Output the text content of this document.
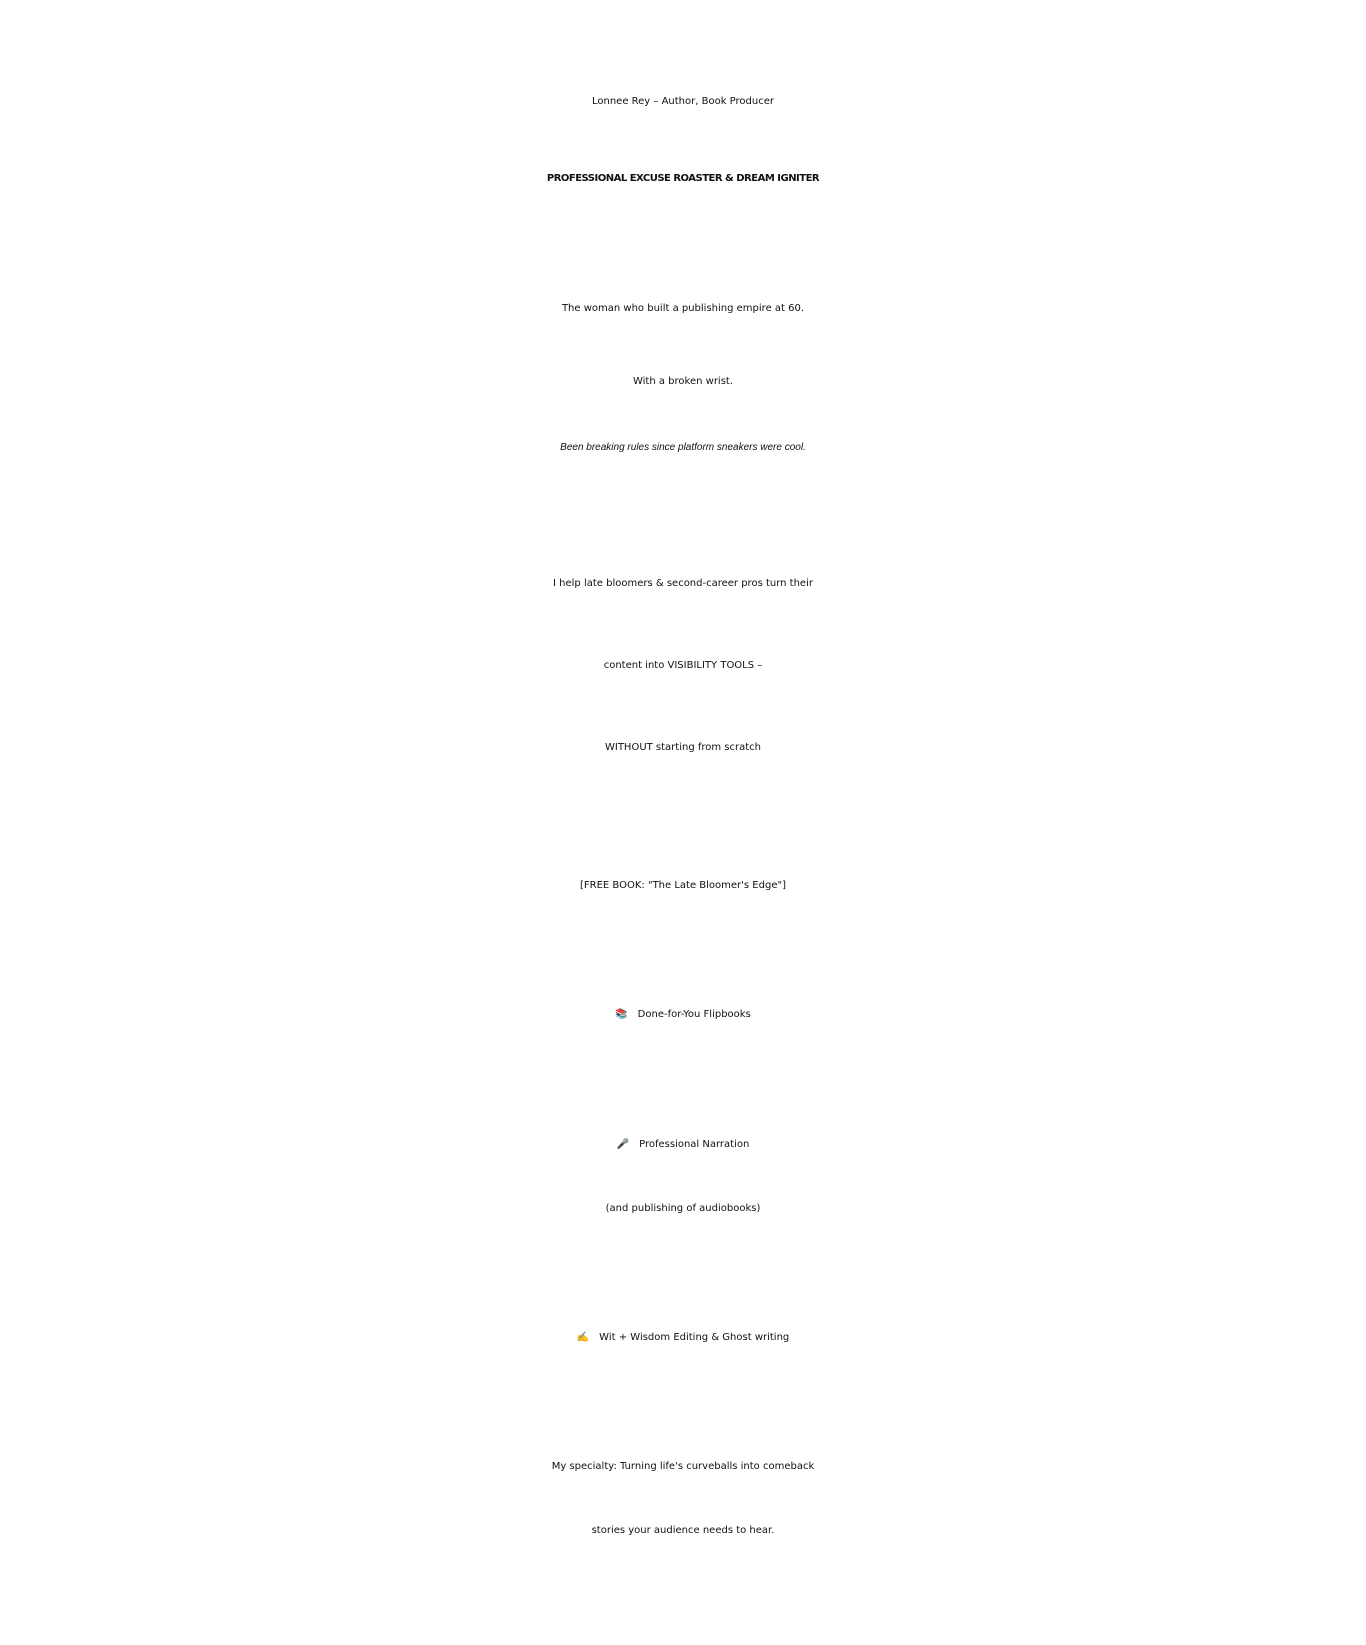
Lonnee Rey – Author, Book Producer
PROFESSIONAL EXCUSE ROASTER & DREAM IGNITER
The woman who built a publishing empire at 60.
With a broken wrist.
Been breaking rules since platform sneakers were cool.
I help late bloomers & second-career pros turn their
content into VISIBILITY TOOLS –
WITHOUT starting from scratch
[FREE BOOK: "The Late Bloomer's Edge"]
📚 Done-for-You Flipbooks
🎤 Professional Narration
(and publishing of audiobooks)
✍️ Wit + Wisdom Editing & Ghost writing
My specialty: Turning life's curveballs into comeback
stories your audience needs to hear.
